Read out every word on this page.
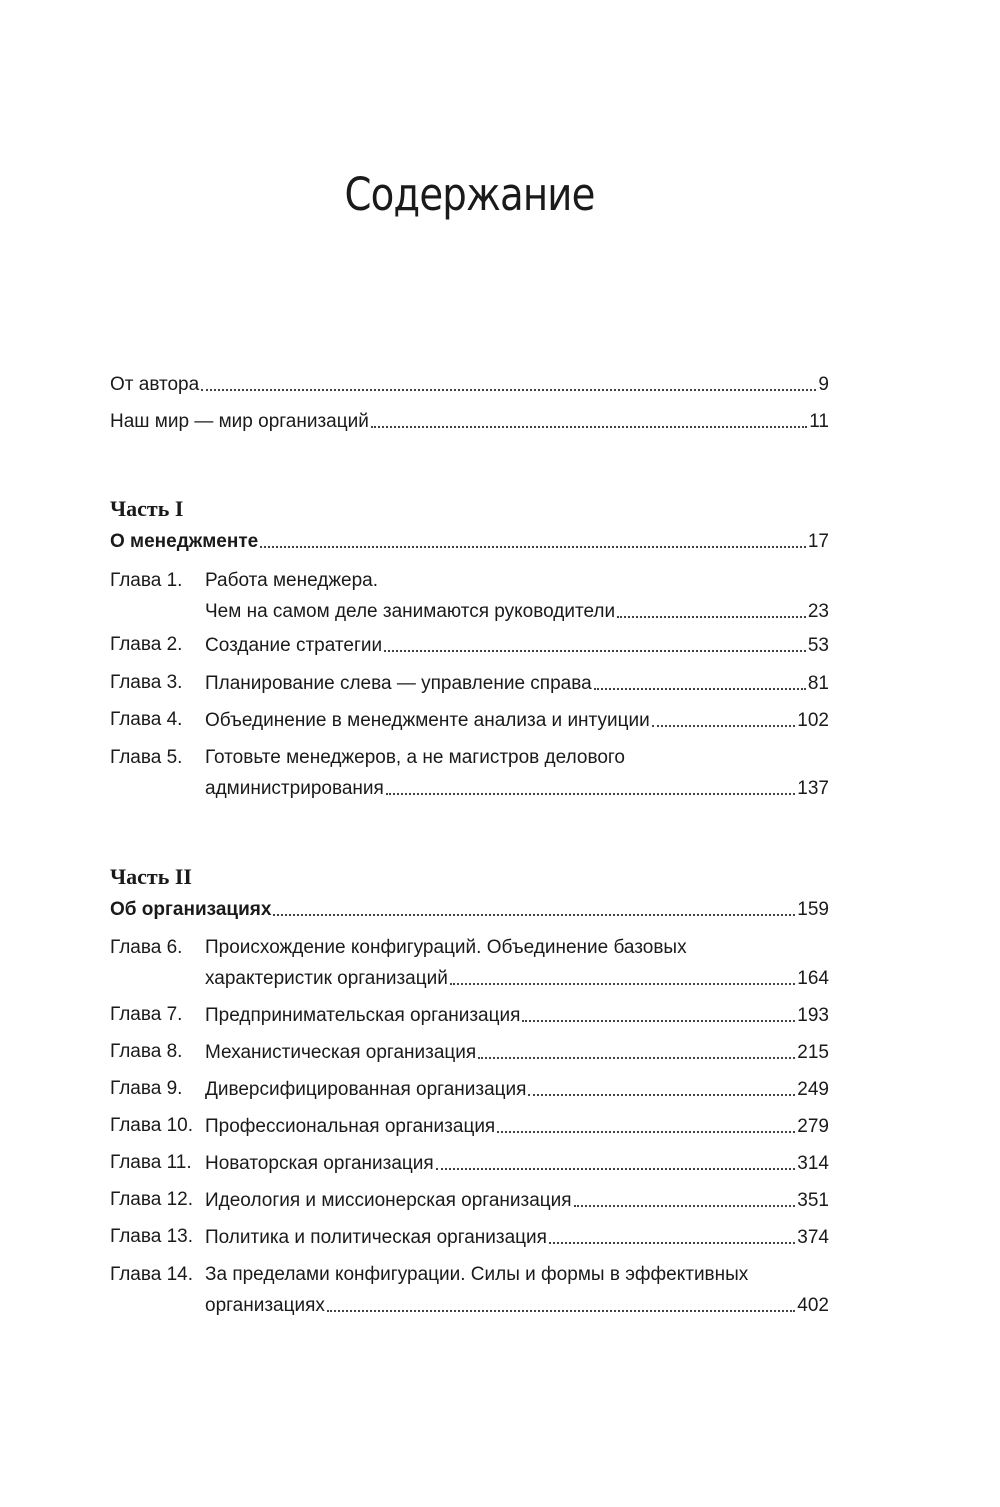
Содержание
От автора	9
Наш мир — мир организаций	11
Часть I
О менеджменте	17
Глава 1. Работа менеджера.
Чем на самом деле занимаются руководители	23
Глава 2. Создание стратегии	53
Глава 3. Планирование слева — управление справа	81
Глава 4. Объединение в менеджменте анализа и интуиции	102
Глава 5. Готовьте менеджеров, а не магистров делового
администрирования	137
Часть II
Об организациях	159
Глава 6. Происхождение конфигураций. Объединение базовых
характеристик организаций	164
Глава 7. Предпринимательская организация	193
Глава 8. Механистическая организация	215
Глава 9. Диверсифицированная организация	249
Глава 10. Профессиональная организация	279
Глава 11. Новаторская организация	314
Глава 12. Идеология и миссионерская организация	351
Глава 13. Политика и политическая организация	374
Глава 14. За пределами конфигурации. Силы и формы в эффективных
организациях	402
